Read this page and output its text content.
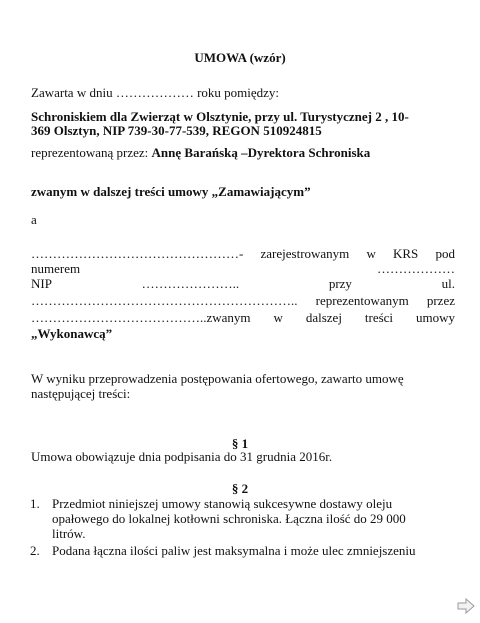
UMOWA (wzór)
Zawarta w dniu ……………… roku pomiędzy:
Schroniskiem dla Zwierząt w Olsztynie, przy ul. Turystycznej 2 , 10-
369 Olsztyn, NIP 739-30-77-539, REGON 510924815
reprezentowaną przez: Annę Barańską –Dyrektora Schroniska
zwanym w dalszej treści umowy „Zamawiającym”
a
…………………………………………- zarejestrowanym w KRS pod
numerem	………………
NIP	…………………..	przy	ul.
…………………………………………………….. reprezentowanym przez
…………………………………..zwanym w dalszej treści umowy
„Wykonawcą”
W wyniku przeprowadzenia postępowania ofertowego, zawarto umowę
następującej treści:
§ 1
Umowa obowiązuje dnia podpisania do 31 grudnia 2016r.
§ 2
1. Przedmiot niniejszej umowy stanowią sukcesywne dostawy oleju
opałowego do lokalnej kotłowni schroniska. Łączna ilość do 29 000
litrów.
2. Podana łączna ilości paliw jest maksymalna i może ulec zmniejszeniu
